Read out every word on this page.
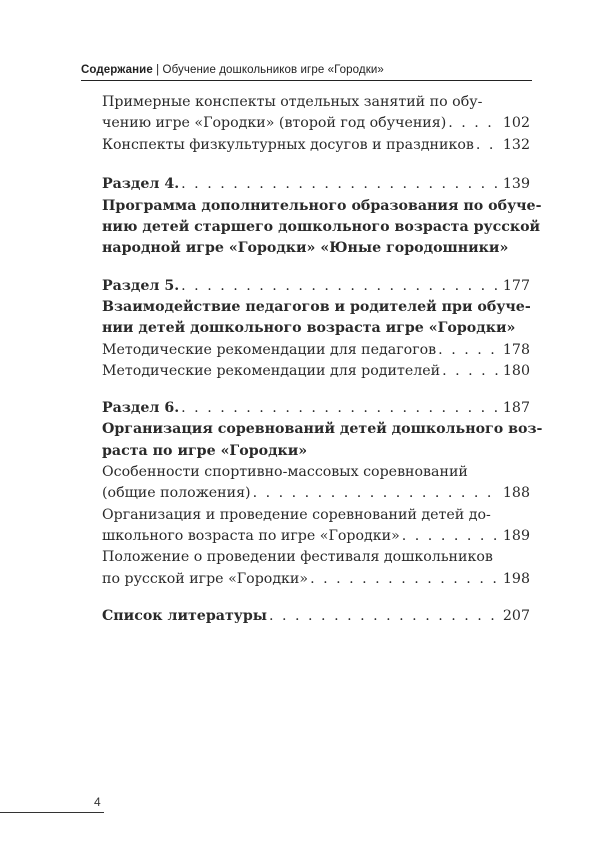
Содержание | Обучение дошкольников игре «Городки»
Примерные конспекты отдельных занятий по обу-
чению игре «Городки» (второй год обучения) . . .	102
Конспекты физкультурных досугов и праздников . . . 132
Раздел 4. . . .	139
Программа дополнительного образования по обуче-
нию детей старшего дошкольного возраста русской
народной игре «Городки» «Юные городошники»
Раздел 5. . . .	177
Взаимодействие педагогов и родителей при обуче-
нии детей дошкольного возраста игре «Городки»
Методические рекомендации для педагогов . . .	178
Методические рекомендации для родителей . . .	180
Раздел 6. . . .	187
Организация соревнований детей дошкольного воз-
раста по игре «Городки»
Особенности спортивно-массовых соревнований
(общие положения) . . .	188
Организация и проведение соревнований детей до-
школьного возраста по игре «Городки» . . .	189
Положение о проведении фестиваля дошкольников
по русской игре «Городки» . . .	198
Список литературы . . .	207
4
